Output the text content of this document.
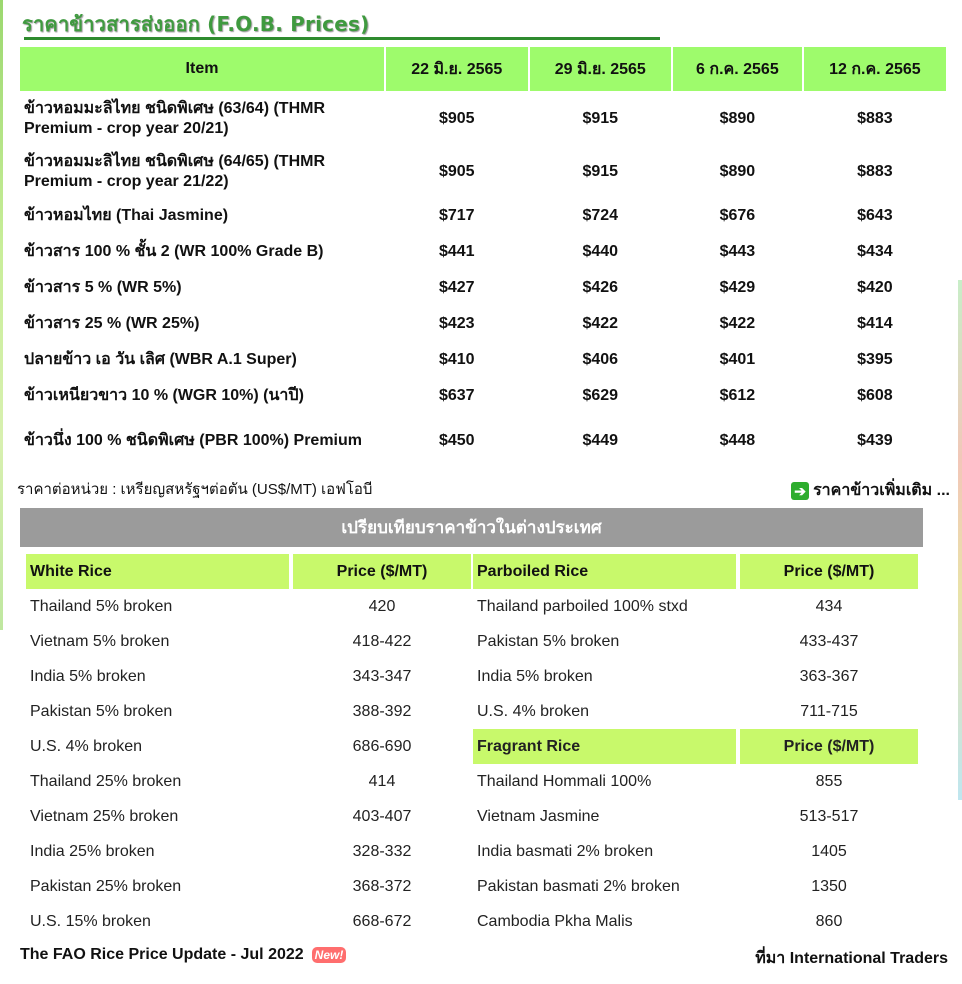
ราคาข้าวสารส่งออก (F.O.B. Prices)
Item	22 มิ.ย. 2565	29 มิ.ย. 2565	6 ก.ค. 2565	12 ก.ค. 2565
ข้าวหอมมะลิไทย ชนิดพิเศษ (63/64) (THMR Premium - crop year 20/21)	$905	$915	$890	$883
ข้าวหอมมะลิไทย ชนิดพิเศษ (64/65) (THMR Premium - crop year 21/22)	$905	$915	$890	$883
ข้าวหอมไทย (Thai Jasmine)	$717	$724	$676	$643
ข้าวสาร 100 % ชั้น 2 (WR 100% Grade B)	$441	$440	$443	$434
ข้าวสาร 5 % (WR 5%)	$427	$426	$429	$420
ข้าวสาร 25 % (WR 25%)	$423	$422	$422	$414
ปลายข้าว เอ วัน เลิศ (WBR A.1 Super)	$410	$406	$401	$395
ข้าวเหนียวขาว 10 % (WGR 10%) (นาปี)	$637	$629	$612	$608
ข้าวนึ่ง 100 % ชนิดพิเศษ (PBR 100%) Premium	$450	$449	$448	$439
ราคาต่อหน่วย : เหรียญสหรัฐฯต่อตัน (US$/MT) เอฟโอบี	➔ ราคาข้าวเพิ่มเติม ...
เปรียบเทียบราคาข้าวในต่างประเทศ
White Rice	Price ($/MT)
Thailand 5% broken	420
Vietnam 5% broken	418-422
India 5% broken	343-347
Pakistan 5% broken	388-392
U.S. 4% broken	686-690
Thailand 25% broken	414
Vietnam 25% broken	403-407
India 25% broken	328-332
Pakistan 25% broken	368-372
U.S. 15% broken	668-672
Parboiled Rice	Price ($/MT)
Thailand parboiled 100% stxd	434
Pakistan 5% broken	433-437
India 5% broken	363-367
U.S. 4% broken	711-715
Fragrant Rice	Price ($/MT)
Thailand Hommali 100%	855
Vietnam Jasmine	513-517
India basmati 2% broken	1405
Pakistan basmati 2% broken	1350
Cambodia Pkha Malis	860
The FAO Rice Price Update - Jul 2022 New!	ที่มา International Traders
